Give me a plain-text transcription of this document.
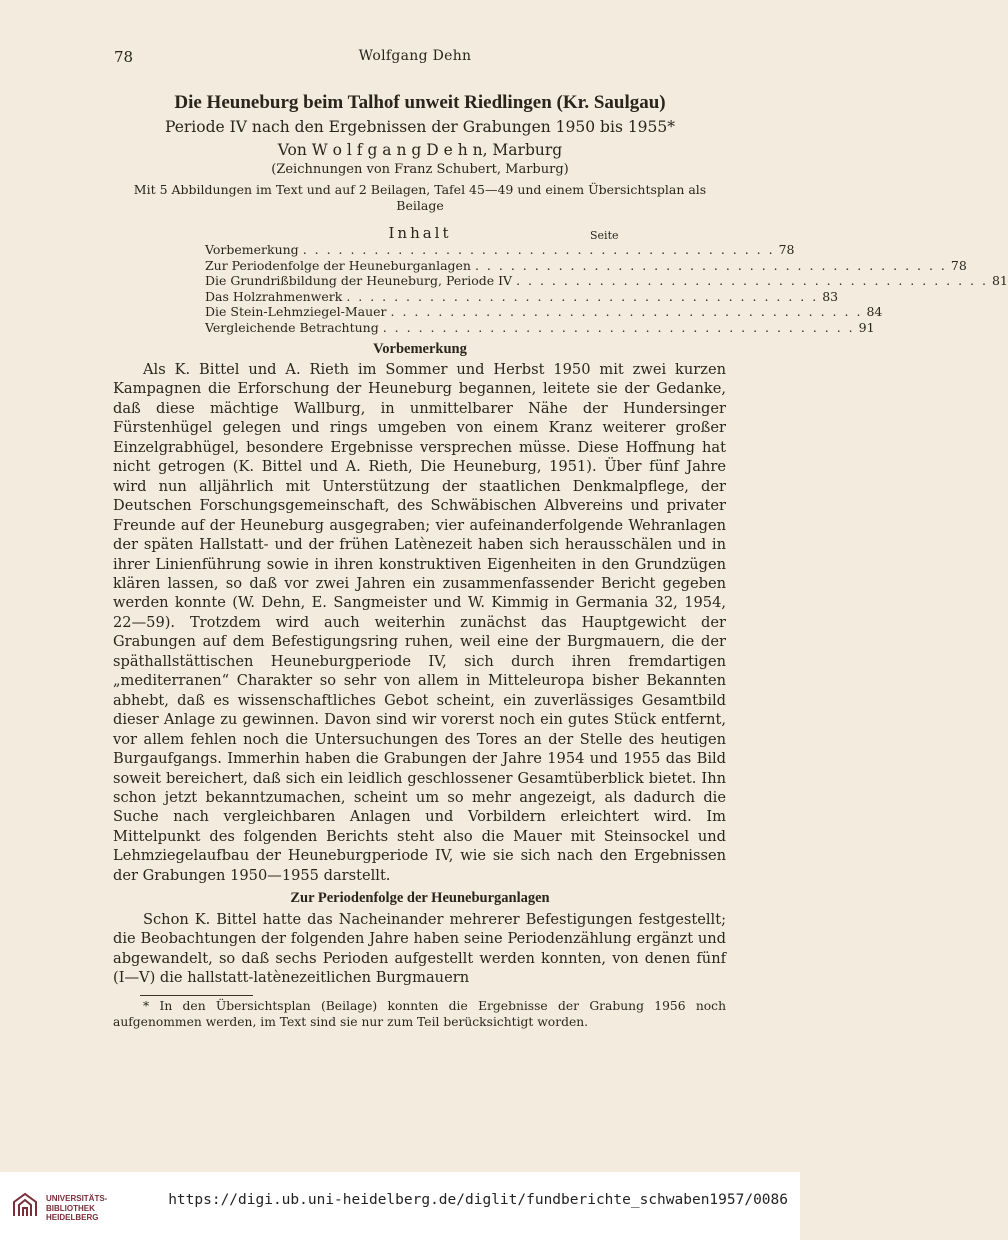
78	Wolfgang Dehn
Die Heuneburg beim Talhof unweit Riedlingen (Kr. Saulgau)
Periode IV nach den Ergebnissen der Grabungen 1950 bis 1955*
Von W o l f g a n g D e h n, Marburg
(Zeichnungen von Franz Schubert, Marburg)
Mit 5 Abbildungen im Text und auf 2 Beilagen, Tafel 45—49 und einem Übersichtsplan als Beilage
Inhalt	Seite
Vorbemerkung . . . . . . . . . . . . . . . . . . . . . . . . . . . . . . . . . . . . . . . . 78
Zur Periodenfolge der Heuneburganlagen . . . . . . . . . . . . . . . . . . . . . . . . . . . . . . . . . . . . . . . . 78
Die Grundrißbildung der Heuneburg, Periode IV . . . . . . . . . . . . . . . . . . . . . . . . . . . . . . . . . . . . . . . . 81
Das Holzrahmenwerk . . . . . . . . . . . . . . . . . . . . . . . . . . . . . . . . . . . . . . . . 83
Die Stein-Lehmziegel-Mauer . . . . . . . . . . . . . . . . . . . . . . . . . . . . . . . . . . . . . . . . 84
Vergleichende Betrachtung . . . . . . . . . . . . . . . . . . . . . . . . . . . . . . . . . . . . . . . . 91
Vorbemerkung

Als K. Bittel und A. Rieth im Sommer und Herbst 1950 mit zwei kurzen Kampagnen die Erforschung der Heuneburg begannen, leitete sie der Gedanke, daß diese mächtige Wallburg, in unmittelbarer Nähe der Hundersinger Fürstenhügel gelegen und rings umgeben von einem Kranz weiterer großer Einzelgrabhügel, besondere Ergebnisse versprechen müsse. Diese Hoffnung hat nicht getrogen (K. Bittel und A. Rieth, Die Heuneburg, 1951). Über fünf Jahre wird nun alljährlich mit Unterstützung der staatlichen Denkmalpflege, der Deutschen Forschungsgemeinschaft, des Schwäbischen Albvereins und privater Freunde auf der Heuneburg ausgegraben; vier aufeinanderfolgende Wehranlagen der späten Hallstatt- und der frühen Latènezeit haben sich herausschälen und in ihrer Linienführung sowie in ihren konstruktiven Eigenheiten in den Grundzügen klären lassen, so daß vor zwei Jahren ein zusammenfassender Bericht gegeben werden konnte (W. Dehn, E. Sangmeister und W. Kimmig in Germania 32, 1954, 22—59). Trotzdem wird auch weiterhin zunächst das Hauptgewicht der Grabungen auf dem Befestigungsring ruhen, weil eine der Burgmauern, die der späthallstättischen Heuneburgperiode IV, sich durch ihren fremdartigen „mediterranen“ Charakter so sehr von allem in Mitteleuropa bisher Bekannten abhebt, daß es wissenschaftliches Gebot scheint, ein zuverlässiges Gesamtbild dieser Anlage zu gewinnen. Davon sind wir vorerst noch ein gutes Stück entfernt, vor allem fehlen noch die Untersuchungen des Tores an der Stelle des heutigen Burgaufgangs. Immerhin haben die Grabungen der Jahre 1954 und 1955 das Bild soweit bereichert, daß sich ein leidlich geschlossener Gesamtüberblick bietet. Ihn schon jetzt bekanntzumachen, scheint um so mehr angezeigt, als dadurch die Suche nach vergleichbaren Anlagen und Vorbildern erleichtert wird. Im Mittelpunkt des folgenden Berichts steht also die Mauer mit Steinsockel und Lehmziegelaufbau der Heuneburgperiode IV, wie sie sich nach den Ergebnissen der Grabungen 1950—1955 darstellt.

Zur Periodenfolge der Heuneburganlagen

Schon K. Bittel hatte das Nacheinander mehrerer Befestigungen festgestellt; die Beobachtungen der folgenden Jahre haben seine Periodenzählung ergänzt und abgewandelt, so daß sechs Perioden aufgestellt werden konnten, von denen fünf (I—V) die hallstatt-latènezeitlichen Burgmauern

* In den Übersichtsplan (Beilage) konnten die Ergebnisse der Grabung 1956 noch aufgenommen werden, im Text sind sie nur zum Teil berücksichtigt worden.
UNIVERSITÄTS-
BIBLIOTHEK
HEIDELBERG
https://digi.ub.uni-heidelberg.de/diglit/fundberichte_schwaben1957/0086
